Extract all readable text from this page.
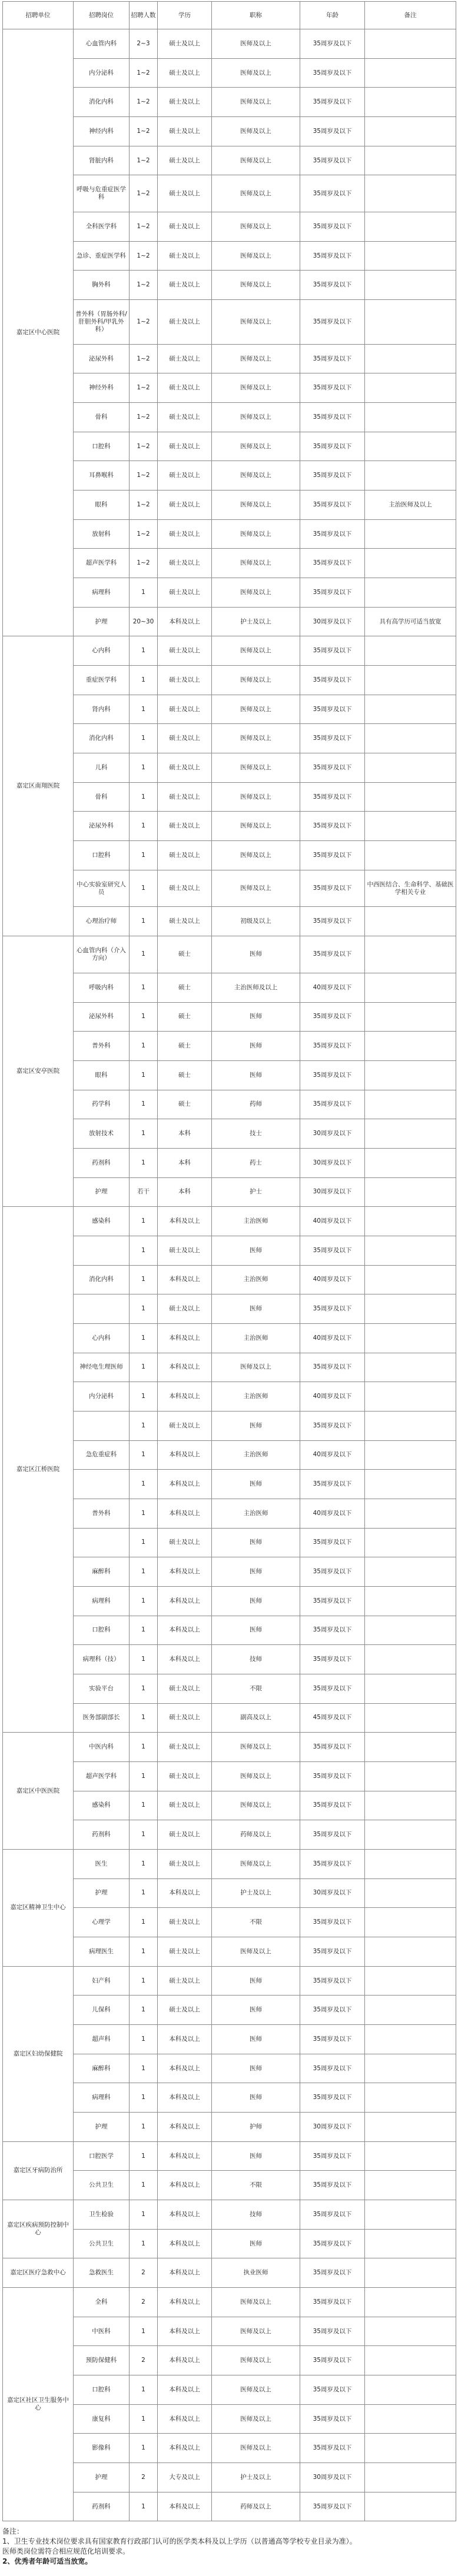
招聘单位	招聘岗位	招聘人数	学历	职称	年龄	备注
嘉定区中心医院	心血管内科	2~3	硕士及以上	医师及以上	35周岁及以下	
	内分泌科	1~2	硕士及以上	医师及以上	35周岁及以下	
	消化内科	1~2	硕士及以上	医师及以上	35周岁及以下	
	神经内科	1~2	硕士及以上	医师及以上	35周岁及以下	
	肾脏内科	1~2	硕士及以上	医师及以上	35周岁及以下	
	呼吸与危重症医学科	1~2	硕士及以上	医师及以上	35周岁及以下	
	全科医学科	1~2	硕士及以上	医师及以上	35周岁及以下	
	急诊、重症医学科	1~2	硕士及以上	医师及以上	35周岁及以下	
	胸外科	1~2	硕士及以上	医师及以上	35周岁及以下	
	普外科（胃肠外科/肝胆外科/甲乳外科）	1~2	硕士及以上	医师及以上	35周岁及以下	
	泌尿外科	1~2	硕士及以上	医师及以上	35周岁及以下	
	神经外科	1~2	硕士及以上	医师及以上	35周岁及以下	
	骨科	1~2	硕士及以上	医师及以上	35周岁及以下	
	口腔科	1~2	硕士及以上	医师及以上	35周岁及以下	
	耳鼻喉科	1~2	硕士及以上	医师及以上	35周岁及以下	
	眼科	1~2	硕士及以上	医师及以上	35周岁及以下	主治医师及以上
	放射科	1~2	硕士及以上	医师及以上	35周岁及以下	
	超声医学科	1~2	硕士及以上	医师及以上	35周岁及以下	
	病理科	1	硕士及以上	医师及以上	35周岁及以下	
	护理	20~30	本科及以上	护士及以上	30周岁及以下	具有高学历可适当放宽
嘉定区南翔医院	心内科	1	硕士及以上	医师及以上	35周岁及以下	
	重症医学科	1	硕士及以上	医师及以上	35周岁及以下	
	肾内科	1	硕士及以上	医师及以上	35周岁及以下	
	消化内科	1	硕士及以上	医师及以上	35周岁及以下	
	儿科	1	硕士及以上	医师及以上	35周岁及以下	
	骨科	1	硕士及以上	医师及以上	35周岁及以下	
	泌尿外科	1	硕士及以上	医师及以上	35周岁及以下	
	口腔科	1	硕士及以上	医师及以上	35周岁及以下	
	中心实验室研究人员	1	硕士及以上	医师及以上	35周岁及以下	中西医结合、生命科学、基础医学相关专业
	心理治疗师	1	硕士及以上	初级及以上	35周岁及以下	
嘉定区安亭医院	心血管内科（介入方向）	1	硕士	医师	35周岁及以下	
	呼吸内科	1	硕士	主治医师及以上	40周岁及以下	
	泌尿外科	1	硕士	医师	35周岁及以下	
	普外科	1	硕士	医师	35周岁及以下	
	眼科	1	硕士	医师	35周岁及以下	
	药学科	1	硕士	药师	35周岁及以下	
	放射技术	1	本科	技士	30周岁及以下	
	药剂科	1	本科	药士	30周岁及以下	
	护理	若干	本科	护士	30周岁及以下	
嘉定区江桥医院	感染科	1	本科及以上	主治医师	40周岁及以下	
		1	硕士及以上	医师	35周岁及以下	
	消化内科	1	本科及以上	主治医师	40周岁及以下	
		1	硕士及以上	医师	35周岁及以下	
	心内科	1	本科及以上	主治医师	40周岁及以下	
	神经电生理医师	1	本科及以上	医师及以上	35周岁及以下	
	内分泌科	1	本科及以上	主治医师	40周岁及以下	
		1	硕士及以上	医师	35周岁及以下	
	急危重症科	1	本科及以上	主治医师	40周岁及以下	
		1	本科及以上	医师	35周岁及以下	
	普外科	1	本科及以上	主治医师	40周岁及以下	
		1	硕士及以上	医师	35周岁及以下	
	麻醉科	1	本科及以上	医师	35周岁及以下	
	病理科	1	本科及以上	医师	35周岁及以下	
	口腔科	1	本科及以上	医师	35周岁及以下	
	病理科（技）	1	本科及以上	技师	35周岁及以下	
	实验平台	1	硕士及以上	不限	35周岁及以下	
	医务部副部长	1	硕士及以上	副高及以上	45周岁及以下	
嘉定区中医医院	中医内科	1	硕士及以上	医师及以上	35周岁及以下	
	超声医学科	1	硕士及以上	医师及以上	35周岁及以下	
	感染科	1	硕士及以上	医师及以上	35周岁及以下	
	药剂科	1	硕士及以上	药师及以上	35周岁及以下	
嘉定区精神卫生中心	医生	1	硕士及以上	医师及以上	35周岁及以下	
	护理	1	本科及以上	护士及以上	30周岁及以下	
	心理学	1	硕士及以上	不限	35周岁及以下	
	病理医生	1	硕士及以上	医师及以上	35周岁及以下	
嘉定区妇幼保健院	妇产科	1	硕士及以上	医师	35周岁及以下	
	儿保科	1	硕士及以上	医师	35周岁及以下	
	超声科	1	本科及以上	医师	35周岁及以下	
	麻醉科	1	本科及以上	医师	35周岁及以下	
	病理科	1	本科及以上	医师	35周岁及以下	
	护理	1	本科及以上	护师	30周岁及以下	
嘉定区牙病防治所	口腔医学	1	本科及以上	医师	35周岁及以下	
	公共卫生	1	本科及以上	不限	35周岁及以下	
嘉定区疾病预防控制中心	卫生检验	1	本科及以上	技师	35周岁及以下	
	公共卫生	1	本科及以上	医师	35周岁及以下	
嘉定区医疗急救中心	急救医生	2	本科及以上	执业医师	35周岁及以下	
嘉定区社区卫生服务中心	全科	2	本科及以上	医师及以上	35周岁及以下	
	中医科	1	本科及以上	医师及以上	35周岁及以下	
	预防保健科	2	本科及以上	医师及以上	35周岁及以下	
	口腔科	1	本科及以上	医师及以上	35周岁及以下	
	康复科	1	本科及以上	医师及以上	35周岁及以下	
	影像科	1	本科及以上	医师及以上	35周岁及以下	
	护理	2	大专及以上	护士及以上	30周岁及以下	
	药剂科	1	本科及以上	药师及以上	35周岁及以下	

备注：

1、卫生专业技术岗位要求具有国家教育行政部门认可的医学类本科及以上学历（以普通高等学校专业目录为准）。

医师类岗位需符合相应规范化培训要求。

2、优秀者年龄可适当放宽。
